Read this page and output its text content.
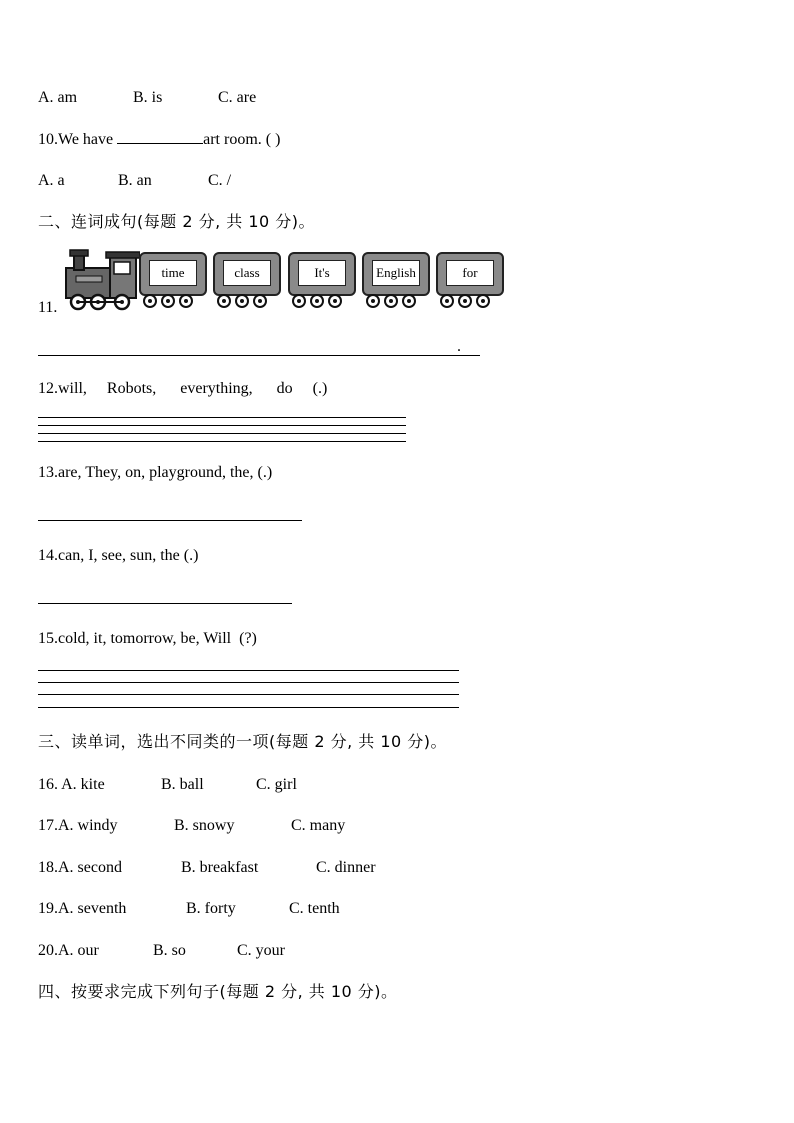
A. am	B. is	C. are
10.We have	art room. ( )
A. a	B. an	C. /
二、连词成句(每题 2 分, 共 10 分)。
11.
time	class	It's	English	for
.
12.will,     Robots,      everything,      do     (.)
13.are, They, on, playground, the, (.)
14.can, I, see, sun, the (.)
15.cold, it, tomorrow, be, Will  (?)
三、读单词，选出不同类的一项(每题 2 分, 共 10 分)。
16. A. kite	B. ball	C. girl
17.A. windy	B. snowy	C. many
18.A. second	B. breakfast	C. dinner
19.A. seventh	B. forty	C. tenth
20.A. our	B. so	C. your
四、按要求完成下列句子(每题 2 分, 共 10 分)。
